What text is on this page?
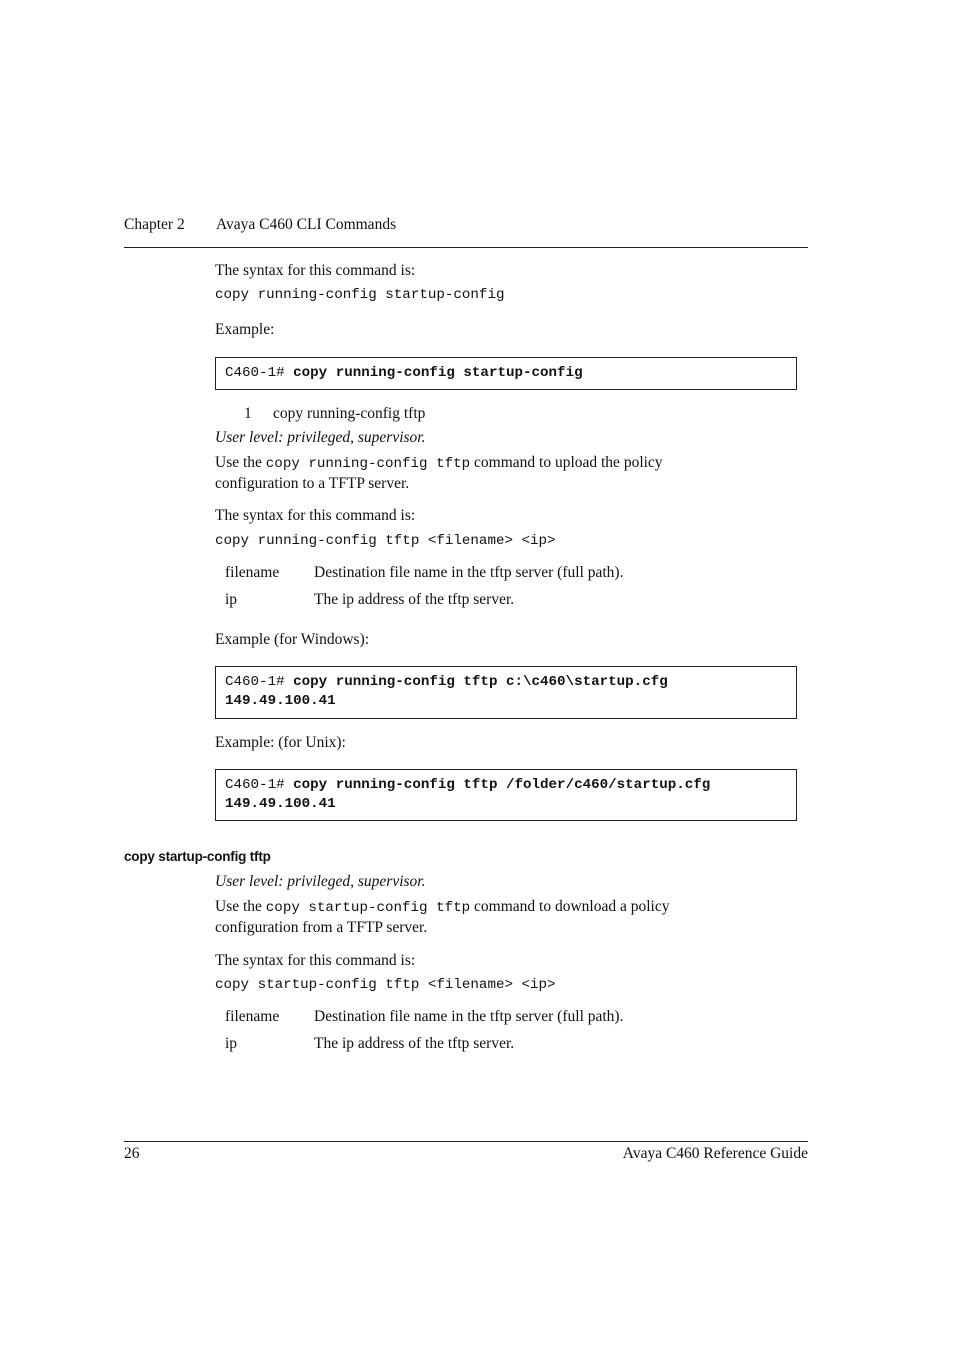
Chapter 2 Avaya C460 CLI Commands
The syntax for this command is:
copy running-config startup-config
Example:
C460-1# copy running-config startup-config
1 copy running-config tftp
User level: privileged, supervisor.
Use the copy running-config tftp command to upload the policy
configuration to a TFTP server.
The syntax for this command is:
copy running-config tftp <filename> <ip>
filename Destination file name in the tftp server (full path).
ip	The ip address of the tftp server.
Example (for Windows):
C460-1# copy running-config tftp c:\c460\startup.cfg
149.49.100.41
Example: (for Unix):
C460-1# copy running-config tftp /folder/c460/startup.cfg
149.49.100.41
copy startup-config tftp
User level: privileged, supervisor.
Use the copy startup-config tftp command to download a policy
configuration from a TFTP server.
The syntax for this command is:
copy startup-config tftp <filename> <ip>
filename Destination file name in the tftp server (full path).
ip	The ip address of the tftp server.
26	Avaya C460 Reference Guide
